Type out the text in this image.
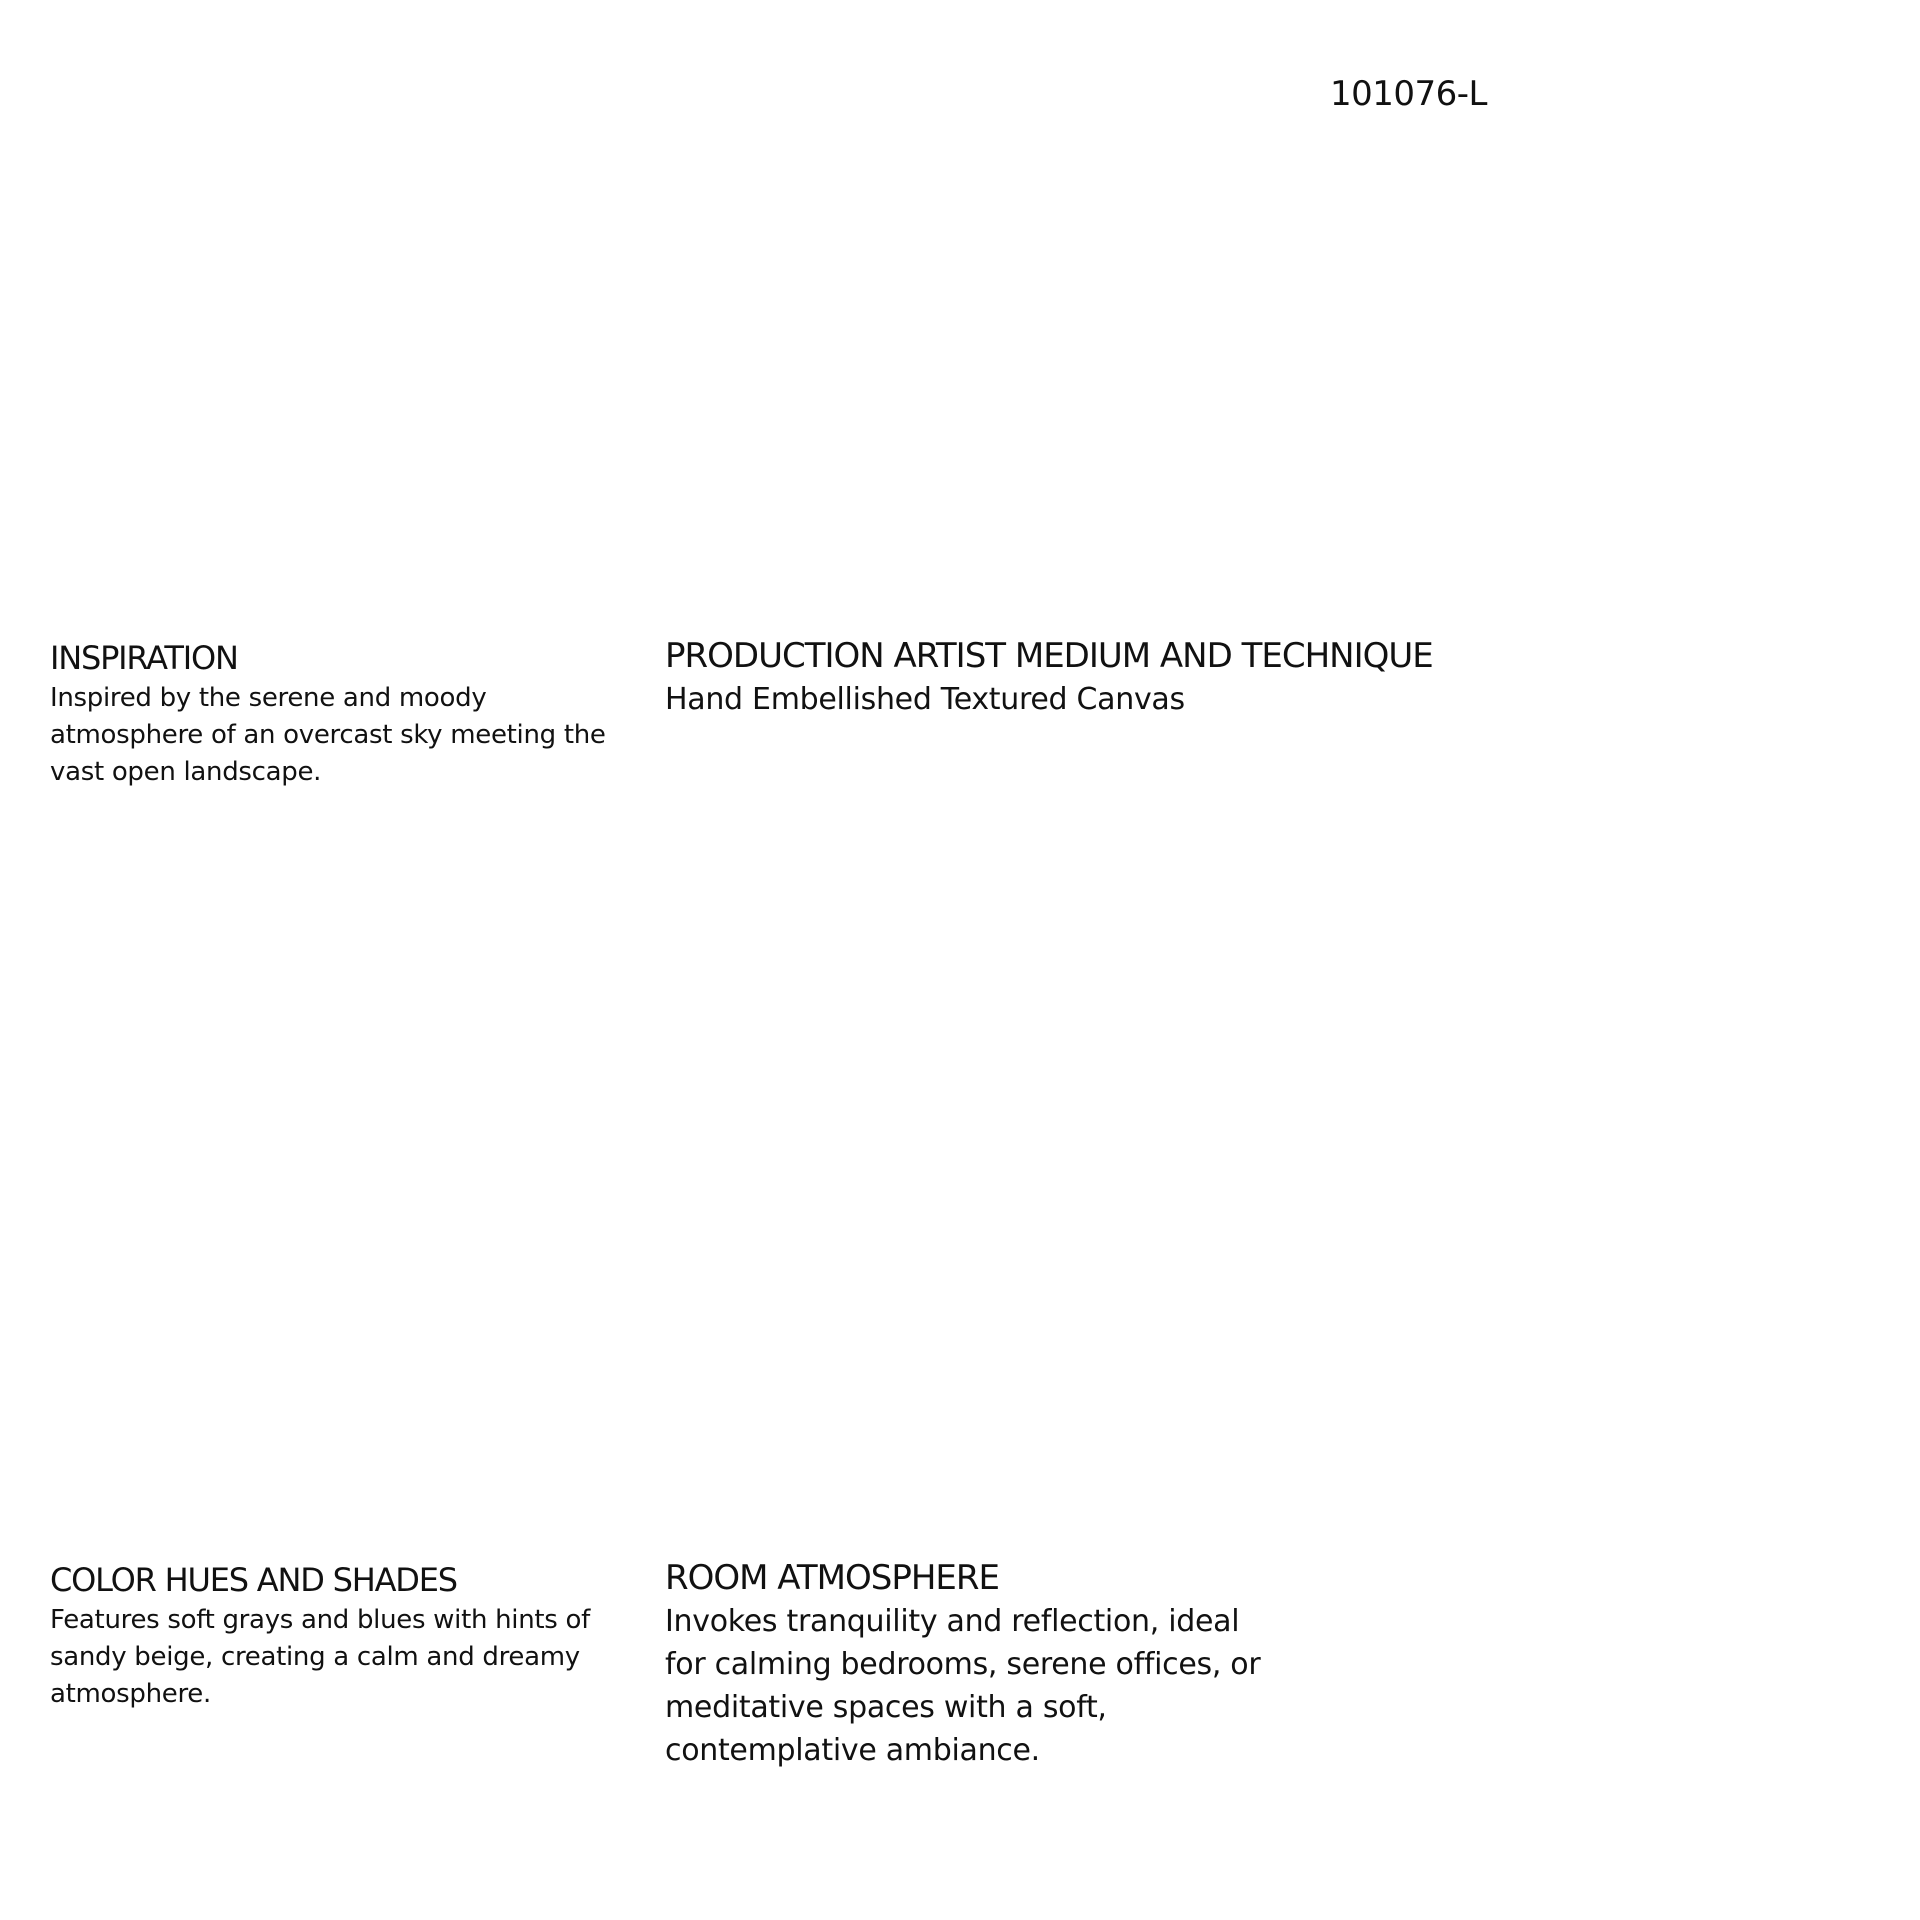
101076-L
INSPIRATION
Inspired by the serene and moody
atmosphere of an overcast sky meeting the
vast open landscape.
PRODUCTION ARTIST MEDIUM AND TECHNIQUE
Hand Embellished Textured Canvas
COLOR HUES AND SHADES
Features soft grays and blues with hints of
sandy beige, creating a calm and dreamy
atmosphere.
ROOM ATMOSPHERE
Invokes tranquility and reflection, ideal
for calming bedrooms, serene offices, or
meditative spaces with a soft,
contemplative ambiance.
